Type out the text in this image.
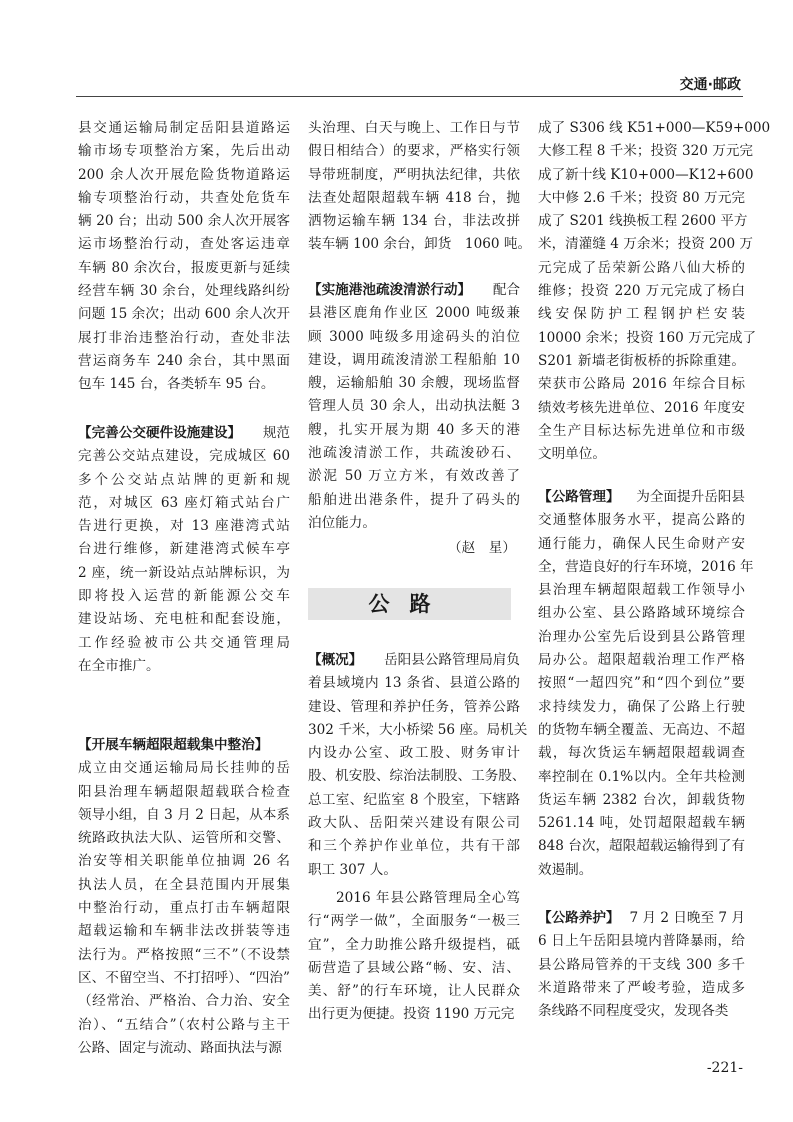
交通·邮政
县交通运输局制定岳阳县道路运
输市场专项整治方案，先后出动
200 余人次开展危险货物道路运
输专项整治行动，共查处危货车
辆 20 台；出动 500 余人次开展客
运市场整治行动，查处客运违章
车辆 80 余次台，报废更新与延续
经营车辆 30 余台，处理线路纠纷
问题 15 余次；出动 600 余人次开
展打非治违整治行动，查处非法
营运商务车 240 余台，其中黑面
包车 145 台，各类轿车 95 台。
【完善公交硬件设施建设】 规范
完善公交站点建设，完成城区 60
多个公交站点站牌的更新和规
范，对城区 63 座灯箱式站台广
告进行更换，对 13 座港湾式站
台进行维修，新建港湾式候车亭
2 座，统一新设站点站牌标识，为
即将投入运营的新能源公交车
建设站场、充电桩和配套设施，
工作经验被市公共交通管理局
在全市推广。
【开展车辆超限超载集中整治】
成立由交通运输局局长挂帅的岳
阳县治理车辆超限超载联合检查
领导小组，自 3 月 2 日起，从本系
统路政执法大队、运管所和交警、
治安等相关职能单位抽调 26 名
执法人员，在全县范围内开展集
中整治行动，重点打击车辆超限
超载运输和车辆非法改拼装等违
法行为。严格按照“三不”（不设禁
区、不留空当、不打招呼）、“四治”
（经常治、严格治、合力治、安全
治）、“五结合”（农村公路与主干
公路、固定与流动、路面执法与源
头治理、白天与晚上、工作日与节
假日相结合）的要求，严格实行领
导带班制度，严明执法纪律，共依
法查处超限超载车辆 418 台，抛
洒物运输车辆 134 台，非法改拼
装车辆 100 余台，卸货　1060 吨。
【实施港池疏浚清淤行动】 配合
县港区鹿角作业区 2000 吨级兼
顾 3000 吨级多用途码头的泊位
建设，调用疏浚清淤工程船舶 10
艘，运输船舶 30 余艘，现场监督
管理人员 30 余人，出动执法艇 3
艘，扎实开展为期 40 多天的港
池疏浚清淤工作，共疏浚砂石、
淤泥 50 万立方米，有效改善了
船舶进出港条件，提升了码头的
泊位能力。
（赵　星）
公路
【概况】 岳阳县公路管理局肩负
着县域境内 13 条省、县道公路的
建设、管理和养护任务，管养公路
302 千米，大小桥梁 56 座。局机关
内设办公室、政工股、财务审计
股、机安股、综治法制股、工务股、
总工室、纪监室 8 个股室，下辖路
政大队、岳阳荣兴建设有限公司
和三个养护作业单位，共有干部
职工 307 人。
2016 年县公路管理局全心笃
行“两学一做”，全面服务“一极三
宜”，全力助推公路升级提档，砥
砺营造了县域公路“畅、安、洁、
美、舒”的行车环境，让人民群众
出行更为便捷。投资 1190 万元完
成了 S306 线 K51+000—K59+000
大修工程 8 千米；投资 320 万元完
成了新十线 K10+000—K12+600
大中修 2.6 千米；投资 80 万元完
成了 S201 线换板工程 2600 平方
米，清灌缝 4 万余米；投资 200 万
元完成了岳荣新公路八仙大桥的
维修；投资 220 万元完成了杨白
线安保防护工程钢护栏安装
10000 余米；投资 160 万元完成了
S201 新墙老街板桥的拆除重建。
荣获市公路局 2016 年综合目标
绩效考核先进单位、2016 年度安
全生产目标达标先进单位和市级
文明单位。
【公路管理】 为全面提升岳阳县
交通整体服务水平，提高公路的
通行能力，确保人民生命财产安
全，营造良好的行车环境，2016 年
县治理车辆超限超载工作领导小
组办公室、县公路路域环境综合
治理办公室先后设到县公路管理
局办公。超限超载治理工作严格
按照“一超四究”和“四个到位”要
求持续发力，确保了公路上行驶
的货物车辆全覆盖、无高边、不超
载，每次货运车辆超限超载调查
率控制在 0.1%以内。全年共检测
货运车辆 2382 台次，卸载货物
5261.14 吨，处罚超限超载车辆
848 台次，超限超载运输得到了有
效遏制。
【公路养护】 7 月 2 日晚至 7 月
6 日上午岳阳县境内普降暴雨，给
县公路局管养的干支线 300 多千
米道路带来了严峻考验，造成多
条线路不同程度受灾，发现各类
-221-
